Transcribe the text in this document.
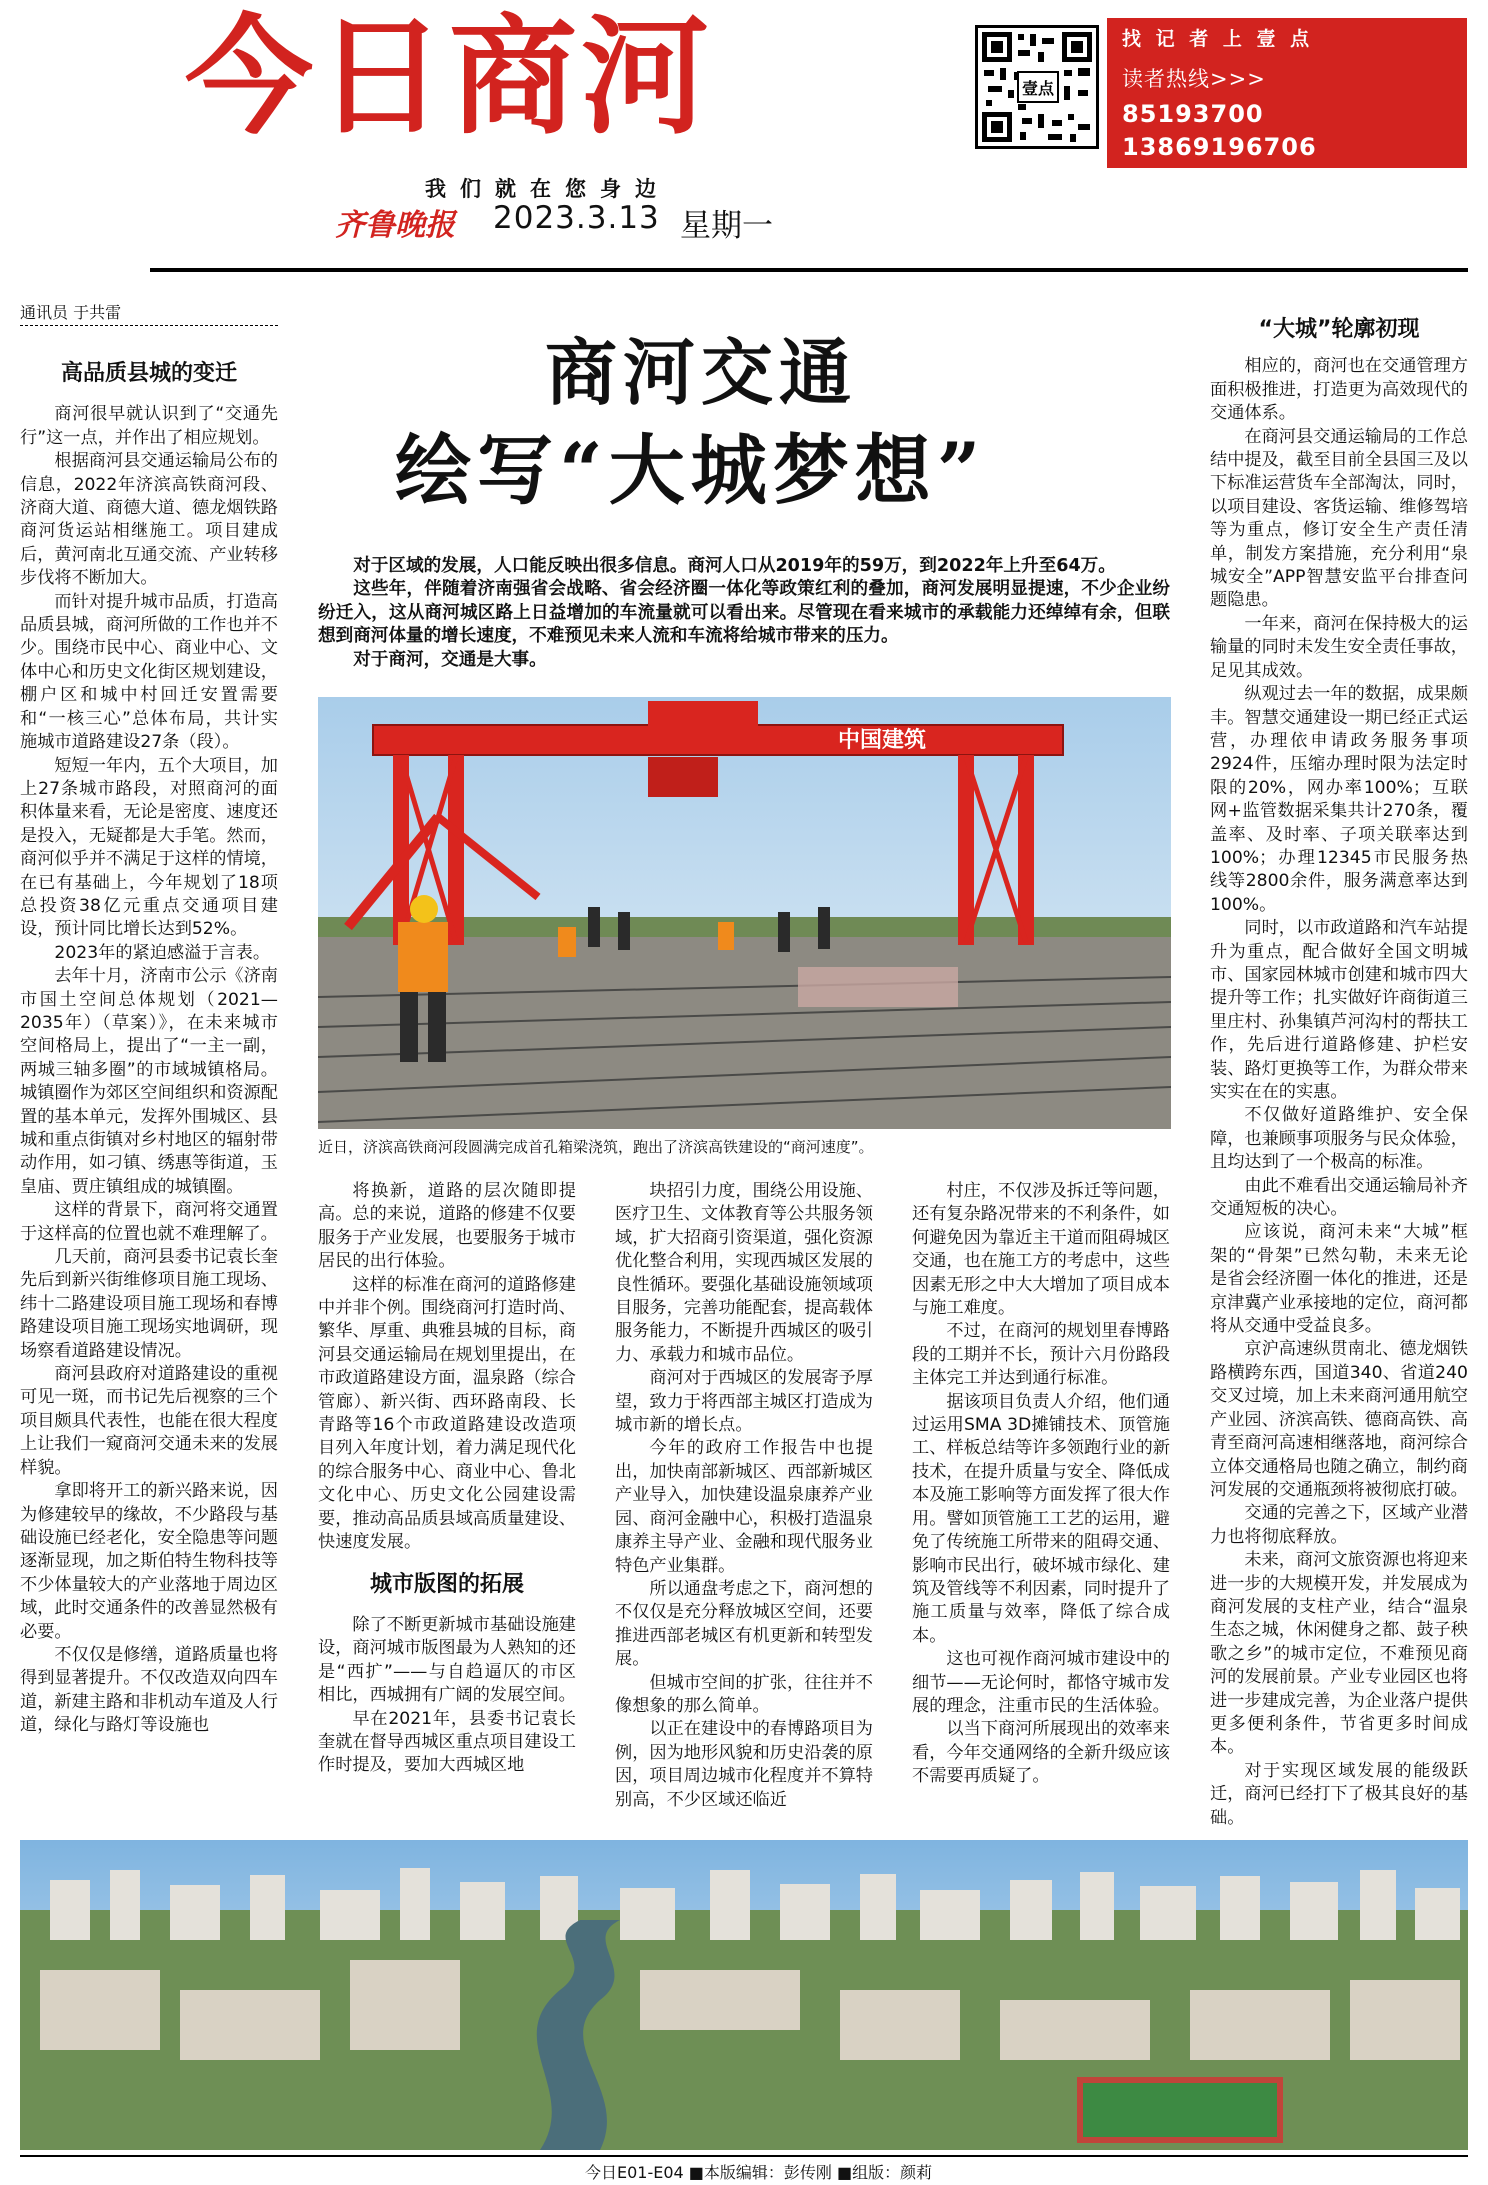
今日商河	壹点
找 记 者 上 壹 点
读者热线>>>
85193700
13869196706
我们就在您身边
齐鲁晚报 2023.3.13 星期一
通讯员 于共雷
商河交通
绘写“大城梦想”

对于区域的发展，人口能反映出很多信息。商河人口从2019年的59万，到2022年上升至64万。

这些年，伴随着济南强省会战略、省会经济圈一体化等政策红利的叠加，商河发展明显提速，不少企业纷纷迁入，这从商河城区路上日益增加的车流量就可以看出来。尽管现在看来城市的承载能力还绰绰有余，但联想到商河体量的增长速度，不难预见未来人流和车流将给城市带来的压力。

对于商河，交通是大事。

中国建筑
近日，济滨高铁商河段圆满完成首孔箱梁浇筑，跑出了济滨高铁建设的“商河速度”。

高品质县城的变迁

商河很早就认识到了“交通先行”这一点，并作出了相应规划。

根据商河县交通运输局公布的信息，2022年济滨高铁商河段、济商大道、商德大道、德龙烟铁路商河货运站相继施工。项目建成后，黄河南北互通交流、产业转移步伐将不断加大。

而针对提升城市品质，打造高品质县城，商河所做的工作也并不少。围绕市民中心、商业中心、文体中心和历史文化街区规划建设，棚户区和城中村回迁安置需要和“一核三心”总体布局，共计实施城市道路建设27条（段）。

短短一年内，五个大项目，加上27条城市路段，对照商河的面积体量来看，无论是密度、速度还是投入，无疑都是大手笔。然而，商河似乎并不满足于这样的情境，在已有基础上，今年规划了18项总投资38亿元重点交通项目建设，预计同比增长达到52%。

2023年的紧迫感溢于言表。

去年十月，济南市公示《济南市国土空间总体规划（2021—2035年）（草案）》，在未来城市空间格局上，提出了“一主一副，两城三轴多圈”的市域城镇格局。城镇圈作为郊区空间组织和资源配置的基本单元，发挥外围城区、县城和重点街镇对乡村地区的辐射带动作用，如刁镇、绣惠等街道，玉皇庙、贾庄镇组成的城镇圈。

这样的背景下，商河将交通置于这样高的位置也就不难理解了。

几天前，商河县委书记袁长奎先后到新兴街维修项目施工现场、纬十二路建设项目施工现场和春博路建设项目施工现场实地调研，现场察看道路建设情况。

商河县政府对道路建设的重视可见一斑，而书记先后视察的三个项目颇具代表性，也能在很大程度上让我们一窥商河交通未来的发展样貌。

拿即将开工的新兴路来说，因为修建较早的缘故，不少路段与基础设施已经老化，安全隐患等问题逐渐显现，加之斯伯特生物科技等不少体量较大的产业落地于周边区域，此时交通条件的改善显然极有必要。

不仅仅是修缮，道路质量也将得到显著提升。不仅改造双向四车道，新建主路和非机动车道及人行道，绿化与路灯等设施也

将换新，道路的层次随即提高。总的来说，道路的修建不仅要服务于产业发展，也要服务于城市居民的出行体验。

这样的标准在商河的道路修建中并非个例。围绕商河打造时尚、繁华、厚重、典雅县城的目标，商河县交通运输局在规划里提出，在市政道路建设方面，温泉路（综合管廊）、新兴街、西环路南段、长青路等16个市政道路建设改造项目列入年度计划，着力满足现代化的综合服务中心、商业中心、鲁北文化中心、历史文化公园建设需要，推动高品质县域高质量建设、快速度发展。

城市版图的拓展

除了不断更新城市基础设施建设，商河城市版图最为人熟知的还是“西扩”——与自趋逼仄的市区相比，西城拥有广阔的发展空间。

早在2021年，县委书记袁长奎就在督导西城区重点项目建设工作时提及，要加大西城区地

块招引力度，围绕公用设施、医疗卫生、文体教育等公共服务领域，扩大招商引资渠道，强化资源优化整合利用，实现西城区发展的良性循环。要强化基础设施领域项目服务，完善功能配套，提高载体服务能力，不断提升西城区的吸引力、承载力和城市品位。

商河对于西城区的发展寄予厚望，致力于将西部主城区打造成为城市新的增长点。

今年的政府工作报告中也提出，加快南部新城区、西部新城区产业导入，加快建设温泉康养产业园、商河金融中心，积极打造温泉康养主导产业、金融和现代服务业特色产业集群。

所以通盘考虑之下，商河想的不仅仅是充分释放城区空间，还要推进西部老城区有机更新和转型发展。

但城市空间的扩张，往往并不像想象的那么简单。

以正在建设中的春博路项目为例，因为地形风貌和历史沿袭的原因，项目周边城市化程度并不算特别高，不少区域还临近

村庄，不仅涉及拆迁等问题，还有复杂路况带来的不利条件，如何避免因为靠近主干道而阻碍城区交通，也在施工方的考虑中，这些因素无形之中大大增加了项目成本与施工难度。

不过，在商河的规划里春博路段的工期并不长，预计六月份路段主体完工并达到通行标准。

据该项目负责人介绍，他们通过运用SMA 3D摊铺技术、顶管施工、样板总结等许多领跑行业的新技术，在提升质量与安全、降低成本及施工影响等方面发挥了很大作用。譬如顶管施工工艺的运用，避免了传统施工所带来的阻碍交通、影响市民出行，破坏城市绿化、建筑及管线等不利因素，同时提升了施工质量与效率，降低了综合成本。

这也可视作商河城市建设中的细节——无论何时，都恪守城市发展的理念，注重市民的生活体验。

以当下商河所展现出的效率来看，今年交通网络的全新升级应该不需要再质疑了。

“大城”轮廓初现

相应的，商河也在交通管理方面积极推进，打造更为高效现代的交通体系。

在商河县交通运输局的工作总结中提及，截至目前全县国三及以下标准运营货车全部淘汰，同时，以项目建设、客货运输、维修驾培等为重点，修订安全生产责任清单，制发方案措施，充分利用“泉城安全”APP智慧安监平台排查问题隐患。

一年来，商河在保持极大的运输量的同时未发生安全责任事故，足见其成效。

纵观过去一年的数据，成果颇丰。智慧交通建设一期已经正式运营，办理依申请政务服务事项2924件，压缩办理时限为法定时限的20%，网办率100%；互联网+监管数据采集共计270条，覆盖率、及时率、子项关联率达到100%；办理12345市民服务热线等2800余件，服务满意率达到100%。

同时，以市政道路和汽车站提升为重点，配合做好全国文明城市、国家园林城市创建和城市四大提升等工作；扎实做好许商街道三里庄村、孙集镇芦河沟村的帮扶工作，先后进行道路修建、护栏安装、路灯更换等工作，为群众带来实实在在的实惠。

不仅做好道路维护、安全保障，也兼顾事项服务与民众体验，且均达到了一个极高的标准。

由此不难看出交通运输局补齐交通短板的决心。

应该说，商河未来“大城”框架的“骨架”已然勾勒，未来无论是省会经济圈一体化的推进，还是京津冀产业承接地的定位，商河都将从交通中受益良多。

京沪高速纵贯南北、德龙烟铁路横跨东西，国道340、省道240交叉过境，加上未来商河通用航空产业园、济滨高铁、德商高铁、高青至商河高速相继落地，商河综合立体交通格局也随之确立，制约商河发展的交通瓶颈将被彻底打破。

交通的完善之下，区域产业潜力也将彻底释放。

未来，商河文旅资源也将迎来进一步的大规模开发，并发展成为商河发展的支柱产业，结合“温泉生态之城，休闲健身之都、鼓子秧歌之乡”的城市定位，不难预见商河的发展前景。产业专业园区也将进一步建成完善，为企业落户提供更多便利条件，节省更多时间成本。

对于实现区域发展的能级跃迁，商河已经打下了极其良好的基础。

今日E01-E04 ■本版编辑：彭传刚 ■组版：颜莉
